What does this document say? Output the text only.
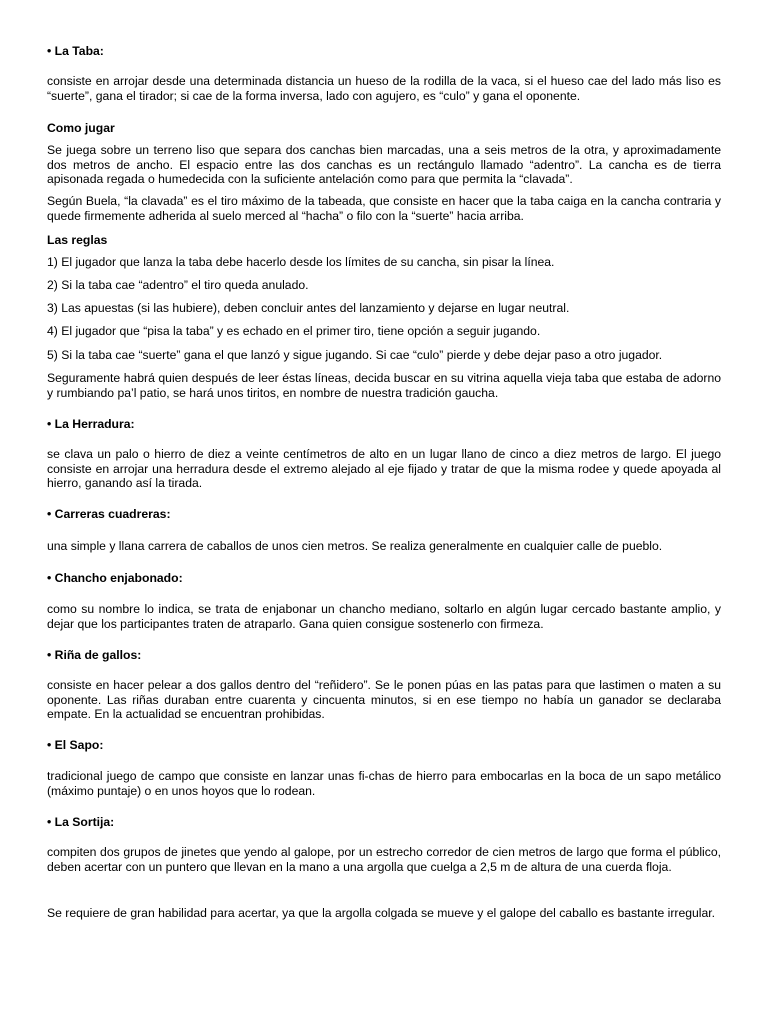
• La Taba:

consiste en arrojar desde una determinada distancia un hueso de la rodilla de la vaca, si el hueso cae del lado más liso es “suerte”, gana el tirador; si cae de la forma inversa, lado con agujero, es “culo” y gana el oponente.

Como jugar

Se juega sobre un terreno liso que separa dos canchas bien marcadas, una a seis metros de la otra, y aproximadamente dos metros de ancho. El espacio entre las dos canchas es un rectángulo llamado “adentro”. La cancha es de tierra apisonada regada o humedecida con la suficiente antelación como para que permita la “clavada”.

Según Buela, “la clavada” es el tiro máximo de la tabeada, que consiste en hacer que la taba caiga en la cancha contraria y quede firmemente adherida al suelo merced al “hacha” o filo con la “suerte” hacia arriba.

Las reglas

1) El jugador que lanza la taba debe hacerlo desde los límites de su cancha, sin pisar la línea.

2) Si la taba cae “adentro” el tiro queda anulado.

3) Las apuestas (si las hubiere), deben concluir antes del lanzamiento y dejarse en lugar neutral.

4) El jugador que “pisa la taba” y es echado en el primer tiro, tiene opción a seguir jugando.

5) Si la taba cae “suerte” gana el que lanzó y sigue jugando. Si cae “culo” pierde y debe dejar paso a otro jugador.

Seguramente habrá quien después de leer éstas líneas, decida buscar en su vitrina aquella vieja taba que estaba de adorno y rumbiando pa’l patio, se hará unos tiritos, en nombre de nuestra tradición gaucha.

• La Herradura:

se clava un palo o hierro de diez a veinte centímetros de alto en un lugar llano de cinco a diez metros de largo. El juego consiste en arrojar una herradura desde el extremo alejado al eje fijado y tratar de que la misma rodee y quede apoyada al hierro, ganando así la tirada.

• Carreras cuadreras:

una simple y llana carrera de caballos de unos cien metros. Se realiza generalmente en cualquier calle de pueblo.

• Chancho enjabonado:

como su nombre lo indica, se trata de enjabonar un chancho mediano, soltarlo en algún lugar cercado bastante amplio, y dejar que los participantes traten de atraparlo. Gana quien consigue sostenerlo con firmeza.

• Riña de gallos:

consiste en hacer pelear a dos gallos dentro del “reñidero”. Se le ponen púas en las patas para que lastimen o maten a su oponente. Las riñas duraban entre cuarenta y cincuenta minutos, si en ese tiempo no había un ganador se declaraba empate. En la actualidad se encuentran prohibidas.

• El Sapo:

tradicional juego de campo que consiste en lanzar unas fi-chas de hierro para embocarlas en la boca de un sapo metálico (máximo puntaje) o en unos hoyos que lo rodean.

• La Sortija:

compiten dos grupos de jinetes que yendo al galope, por un estrecho corredor de cien metros de largo que forma el público, deben acertar con un puntero que llevan en la mano a una argolla que cuelga a 2,5 m de altura de una cuerda floja.

Se requiere de gran habilidad para acertar, ya que la argolla colgada se mueve y el galope del caballo es bastante irregular.
